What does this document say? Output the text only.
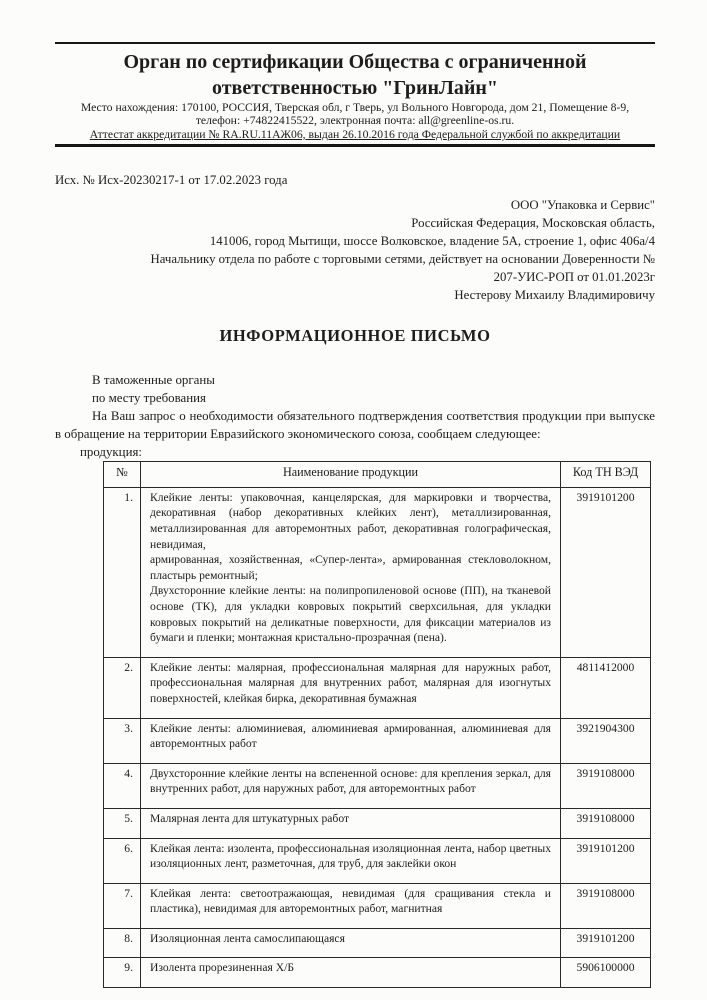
Орган по сертификации Общества с ограниченной
ответственностью "ГринЛайн"
Место нахождения: 170100, РОССИЯ, Тверская обл, г Тверь, ул Вольного Новгорода, дом 21, Помещение 8-9,
телефон: +74822415522, электронная почта: all@greenline-os.ru.
Аттестат аккредитации № RA.RU.11АЖ06, выдан 26.10.2016 года Федеральной службой по аккредитации
Исх. № Исх-20230217-1 от 17.02.2023 года
ООО "Упаковка и Сервис"
Российская Федерация, Московская область,
141006, город Мытищи, шоссе Волковское, владение 5А, строение 1, офис 406а/4
Начальнику отдела по работе с торговыми сетями, действует на основании Доверенности №
207-УИС-РОП от 01.01.2023г
Нестерову Михаилу Владимировичу
ИНФОРМАЦИОННОЕ ПИСЬМО
В таможенные органы
по месту требования
На Ваш запрос о необходимости обязательного подтверждения соответствия продукции при выпуске в обращение на территории Евразийского экономического союза, сообщаем следующее:
продукция:
№	Наименование продукции	Код ТН ВЭД
1.	Клейкие ленты: упаковочная, канцелярская, для маркировки и творчества, декоративная (набор декоративных клейких лент), металлизированная, металлизированная для авторемонтных работ, декоративная голографическая, невидимая,
армированная, хозяйственная, «Супер-лента», армированная стекловолокном, пластырь ремонтный;
Двухсторонние клейкие ленты: на полипропиленовой основе (ПП), на тканевой основе (ТК), для укладки ковровых покрытий сверхсильная, для укладки ковровых покрытий на деликатные поверхности, для фиксации материалов из бумаги и пленки; монтажная кристально-прозрачная (пена).	3919101200
2.	Клейкие ленты: малярная, профессиональная малярная для наружных работ, профессиональная малярная для внутренних работ, малярная для изогнутых поверхностей, клейкая бирка, декоративная бумажная	4811412000
3.	Клейкие ленты: алюминиевая, алюминиевая армированная, алюминиевая для авторемонтных работ	3921904300
4.	Двухсторонние клейкие ленты на вспененной основе: для крепления зеркал, для внутренних работ, для наружных работ, для авторемонтных работ	3919108000
5.	Малярная лента для штукатурных работ	3919108000
6.	Клейкая лента: изолента, профессиональная изоляционная лента, набор цветных изоляционных лент, разметочная, для труб, для заклейки окон	3919101200
7.	Клейкая лента: светоотражающая, невидимая (для сращивания стекла и пластика), невидимая для авторемонтных работ, магнитная	3919108000
8.	Изоляционная лента самослипающаяся	3919101200
9.	Изолента прорезиненная Х/Б	5906100000
